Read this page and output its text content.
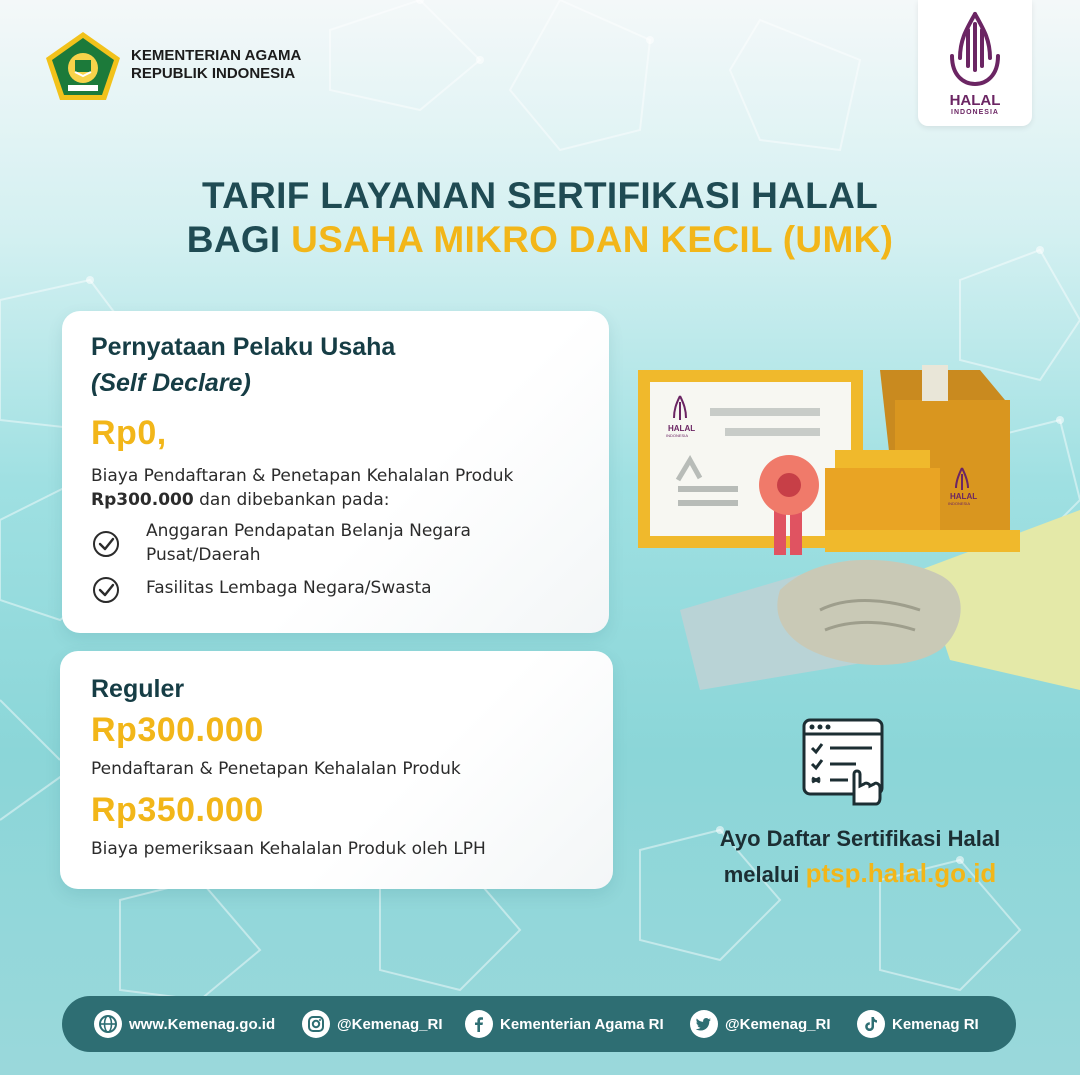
KEMENTERIAN AGAMA
REPUBLIK INDONESIA
HALAL
INDONESIA
TARIF LAYANAN SERTIFIKASI HALAL
BAGI USAHA MIKRO DAN KECIL (UMK)
Pernyataan Pelaku Usaha
(Self Declare)
Rp0,
Biaya Pendaftaran & Penetapan Kehalalan Produk
Rp300.000 dan dibebankan pada:
Anggaran Pendapatan Belanja Negara
Pusat/Daerah
Fasilitas Lembaga Negara/Swasta
Reguler
Rp300.000
Pendaftaran & Penetapan Kehalalan Produk
Rp350.000
Biaya pemeriksaan Kehalalan Produk oleh LPH
HALAL
INDONESIA
HALAL
INDONESIA
Ayo Daftar Sertifikasi Halal
melalui ptsp.halal.go.id
www.Kemenag.go.id	@Kemenag_RI	Kementerian Agama RI	@Kemenag_RI	Kemenag RI
